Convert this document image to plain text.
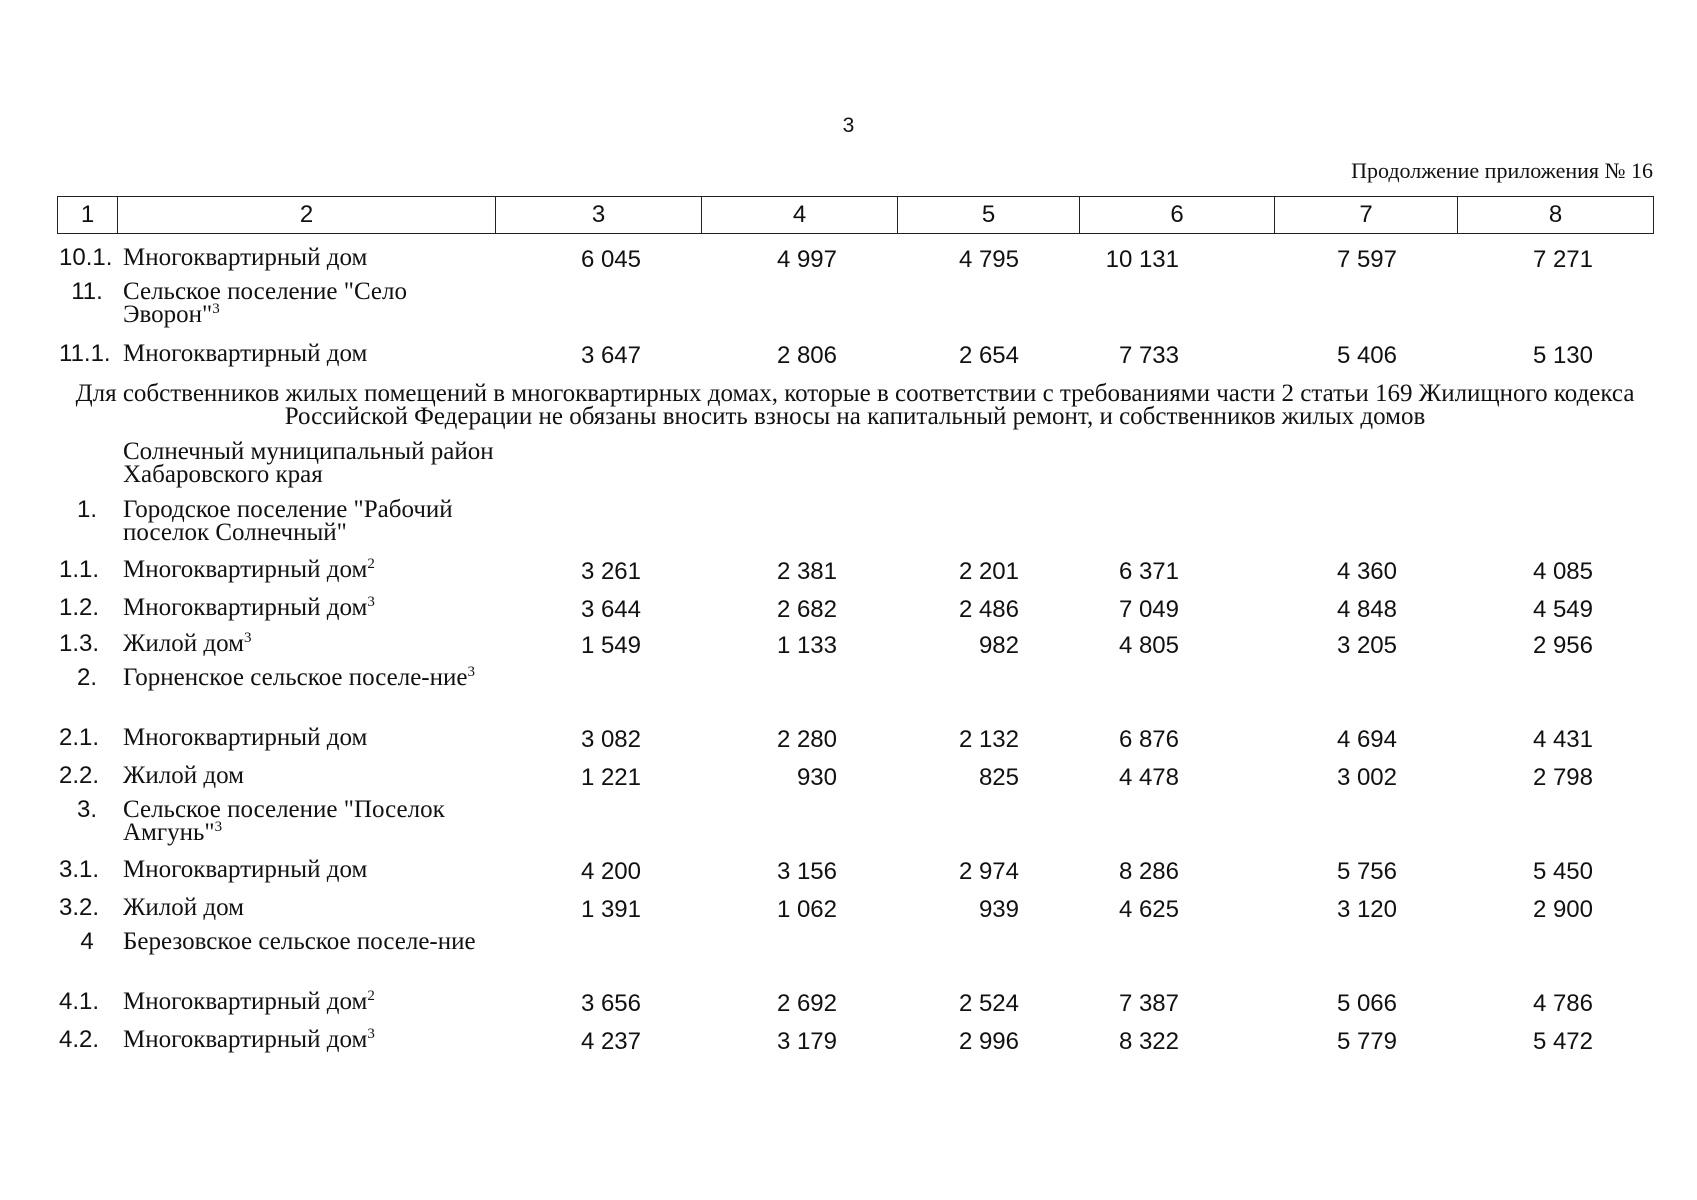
3
Продолжение приложения № 16
1	2	3	4	5	6	7	8
10.1.	Многоквартирный дом	6 045	4 997	4 795	10 131	7 597	7 271
11.	Сельское поселение "Село Эворон"$^3$						
11.1.	Многоквартирный дом	3 647	2 806	2 654	7 733	5 406	5 130
Для собственников жилых помещений в многоквартирных домах, которые в соответствии с требованиями части 2 статьи 169 Жилищного кодекса Российской Федерации не обязаны вносить взносы на капитальный ремонт, и собственников жилых домов							
	Солнечный муниципальный район Хабаровского края						
1.	Городское поселение "Рабочий поселок Солнечный"						
1.1.	Многоквартирный дом$^2$	3 261	2 381	2 201	6 371	4 360	4 085
1.2.	Многоквартирный дом$^3$	3 644	2 682	2 486	7 049	4 848	4 549
1.3.	Жилой дом$^3$	1 549	1 133	982	4 805	3 205	2 956
2.	Горненское сельское поселе-ние$^3$						
2.1.	Многоквартирный дом	3 082	2 280	2 132	6 876	4 694	4 431
2.2.	Жилой дом	1 221	930	825	4 478	3 002	2 798
3.	Сельское поселение "Поселок Амгунь"$^3$						
3.1.	Многоквартирный дом	4 200	3 156	2 974	8 286	5 756	5 450
3.2.	Жилой дом	1 391	1 062	939	4 625	3 120	2 900
4	Березовское сельское поселе-ние						
4.1.	Многоквартирный дом$^2$	3 656	2 692	2 524	7 387	5 066	4 786
4.2.	Многоквартирный дом$^3$	4 237	3 179	2 996	8 322	5 779	5 472
